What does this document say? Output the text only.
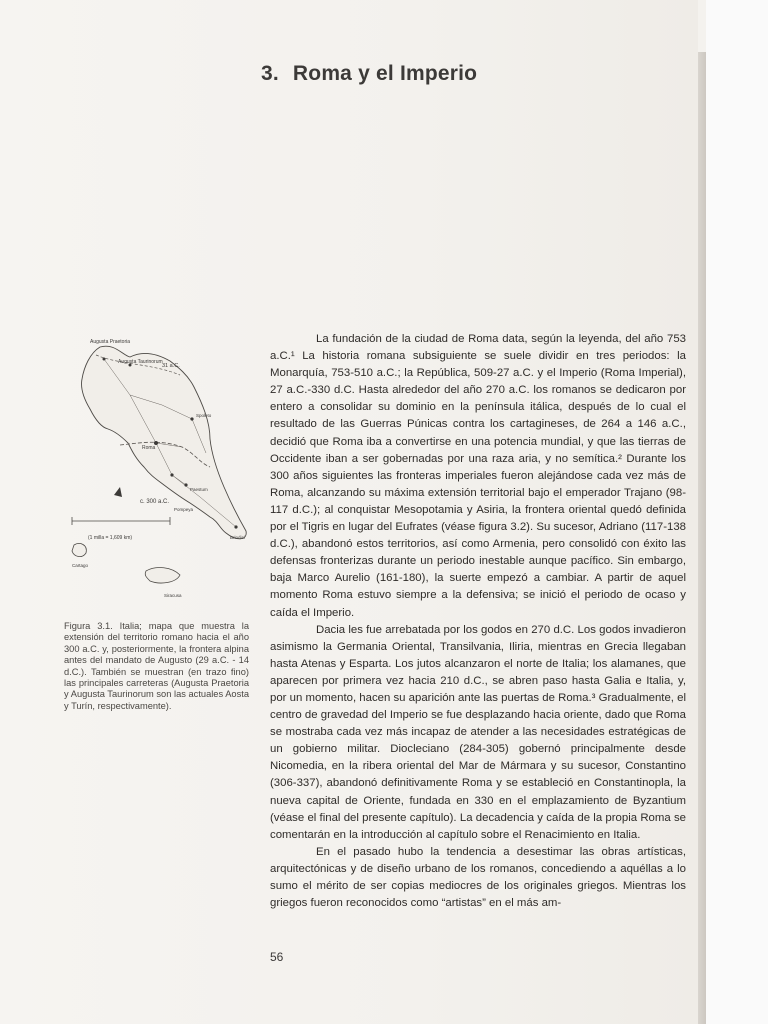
3. Roma y el Imperio
Augusta Praetoria
Augusta Taurinorum
31 a.C.
c. 300 a.C.
Roma
(1 milla = 1,609 km)
Spoleto
Paestum
Brindisi
Cartago
Siracusa
Pompeya

Figura 3.1. Italia; mapa que muestra la extensión del territorio romano hacia el año 300 a.C. y, posteriormente, la frontera alpina antes del mandato de Augusto (29 a.C. - 14 d.C.). También se muestran (en trazo fino) las principales carreteras (Augusta Praetoria y Augusta Taurinorum son las actuales Aosta y Turín, respectivamente).

La fundación de la ciudad de Roma data, según la leyenda, del año 753 a.C.¹ La historia romana subsiguiente se suele dividir en tres periodos: la Monarquía, 753-510 a.C.; la República, 509-27 a.C. y el Imperio (Roma Imperial), 27 a.C.-330 d.C. Hasta alrededor del año 270 a.C. los romanos se dedicaron por entero a consolidar su dominio en la península itálica, después de lo cual el resultado de las Guerras Púnicas contra los cartagineses, de 264 a 146 a.C., decidió que Roma iba a convertirse en una potencia mundial, y que las tierras de Occidente iban a ser gobernadas por una raza aria, y no semítica.² Durante los 300 años siguientes las fronteras imperiales fueron alejándose cada vez más de Roma, alcanzando su máxima extensión territorial bajo el emperador Trajano (98-117 d.C.); al conquistar Mesopotamia y Asiria, la frontera oriental quedó definida por el Tigris en lugar del Eufrates (véase figura 3.2). Su sucesor, Adriano (117-138 d.C.), abandonó estos territorios, así como Armenia, pero consolidó con éxito las defensas fronterizas durante un periodo inestable aunque pacífico. Sin embargo, baja Marco Aurelio (161-180), la suerte empezó a cambiar. A partir de aquel momento Roma estuvo siempre a la defensiva; se inició el periodo de ocaso y caída el Imperio.

Dacia les fue arrebatada por los godos en 270 d.C. Los godos invadieron asimismo la Germania Oriental, Transilvania, Iliria, mientras en Grecia llegaban hasta Atenas y Esparta. Los jutos alcanzaron el norte de Italia; los alamanes, que aparecen por primera vez hacia 210 d.C., se abren paso hasta Galia e Italia, y, por un momento, hacen su aparición ante las puertas de Roma.³ Gradualmente, el centro de gravedad del Imperio se fue desplazando hacia oriente, dado que Roma se mostraba cada vez más incapaz de atender a las necesidades estratégicas de un gobierno militar. Diocleciano (284-305) gobernó principalmente desde Nicomedia, en la ribera oriental del Mar de Mármara y su sucesor, Constantino (306-337), abandonó definitivamente Roma y se estableció en Constantinopla, la nueva capital de Oriente, fundada en 330 en el emplazamiento de Byzantium (véase el final del presente capítulo). La decadencia y caída de la propia Roma se comentarán en la introducción al capítulo sobre el Renacimiento en Italia.

En el pasado hubo la tendencia a desestimar las obras artísticas, arquitectónicas y de diseño urbano de los romanos, concediendo a aquéllas a lo sumo el mérito de ser copias mediocres de los originales griegos. Mientras los griegos fueron reconocidos como “artistas” en el más am-

56
